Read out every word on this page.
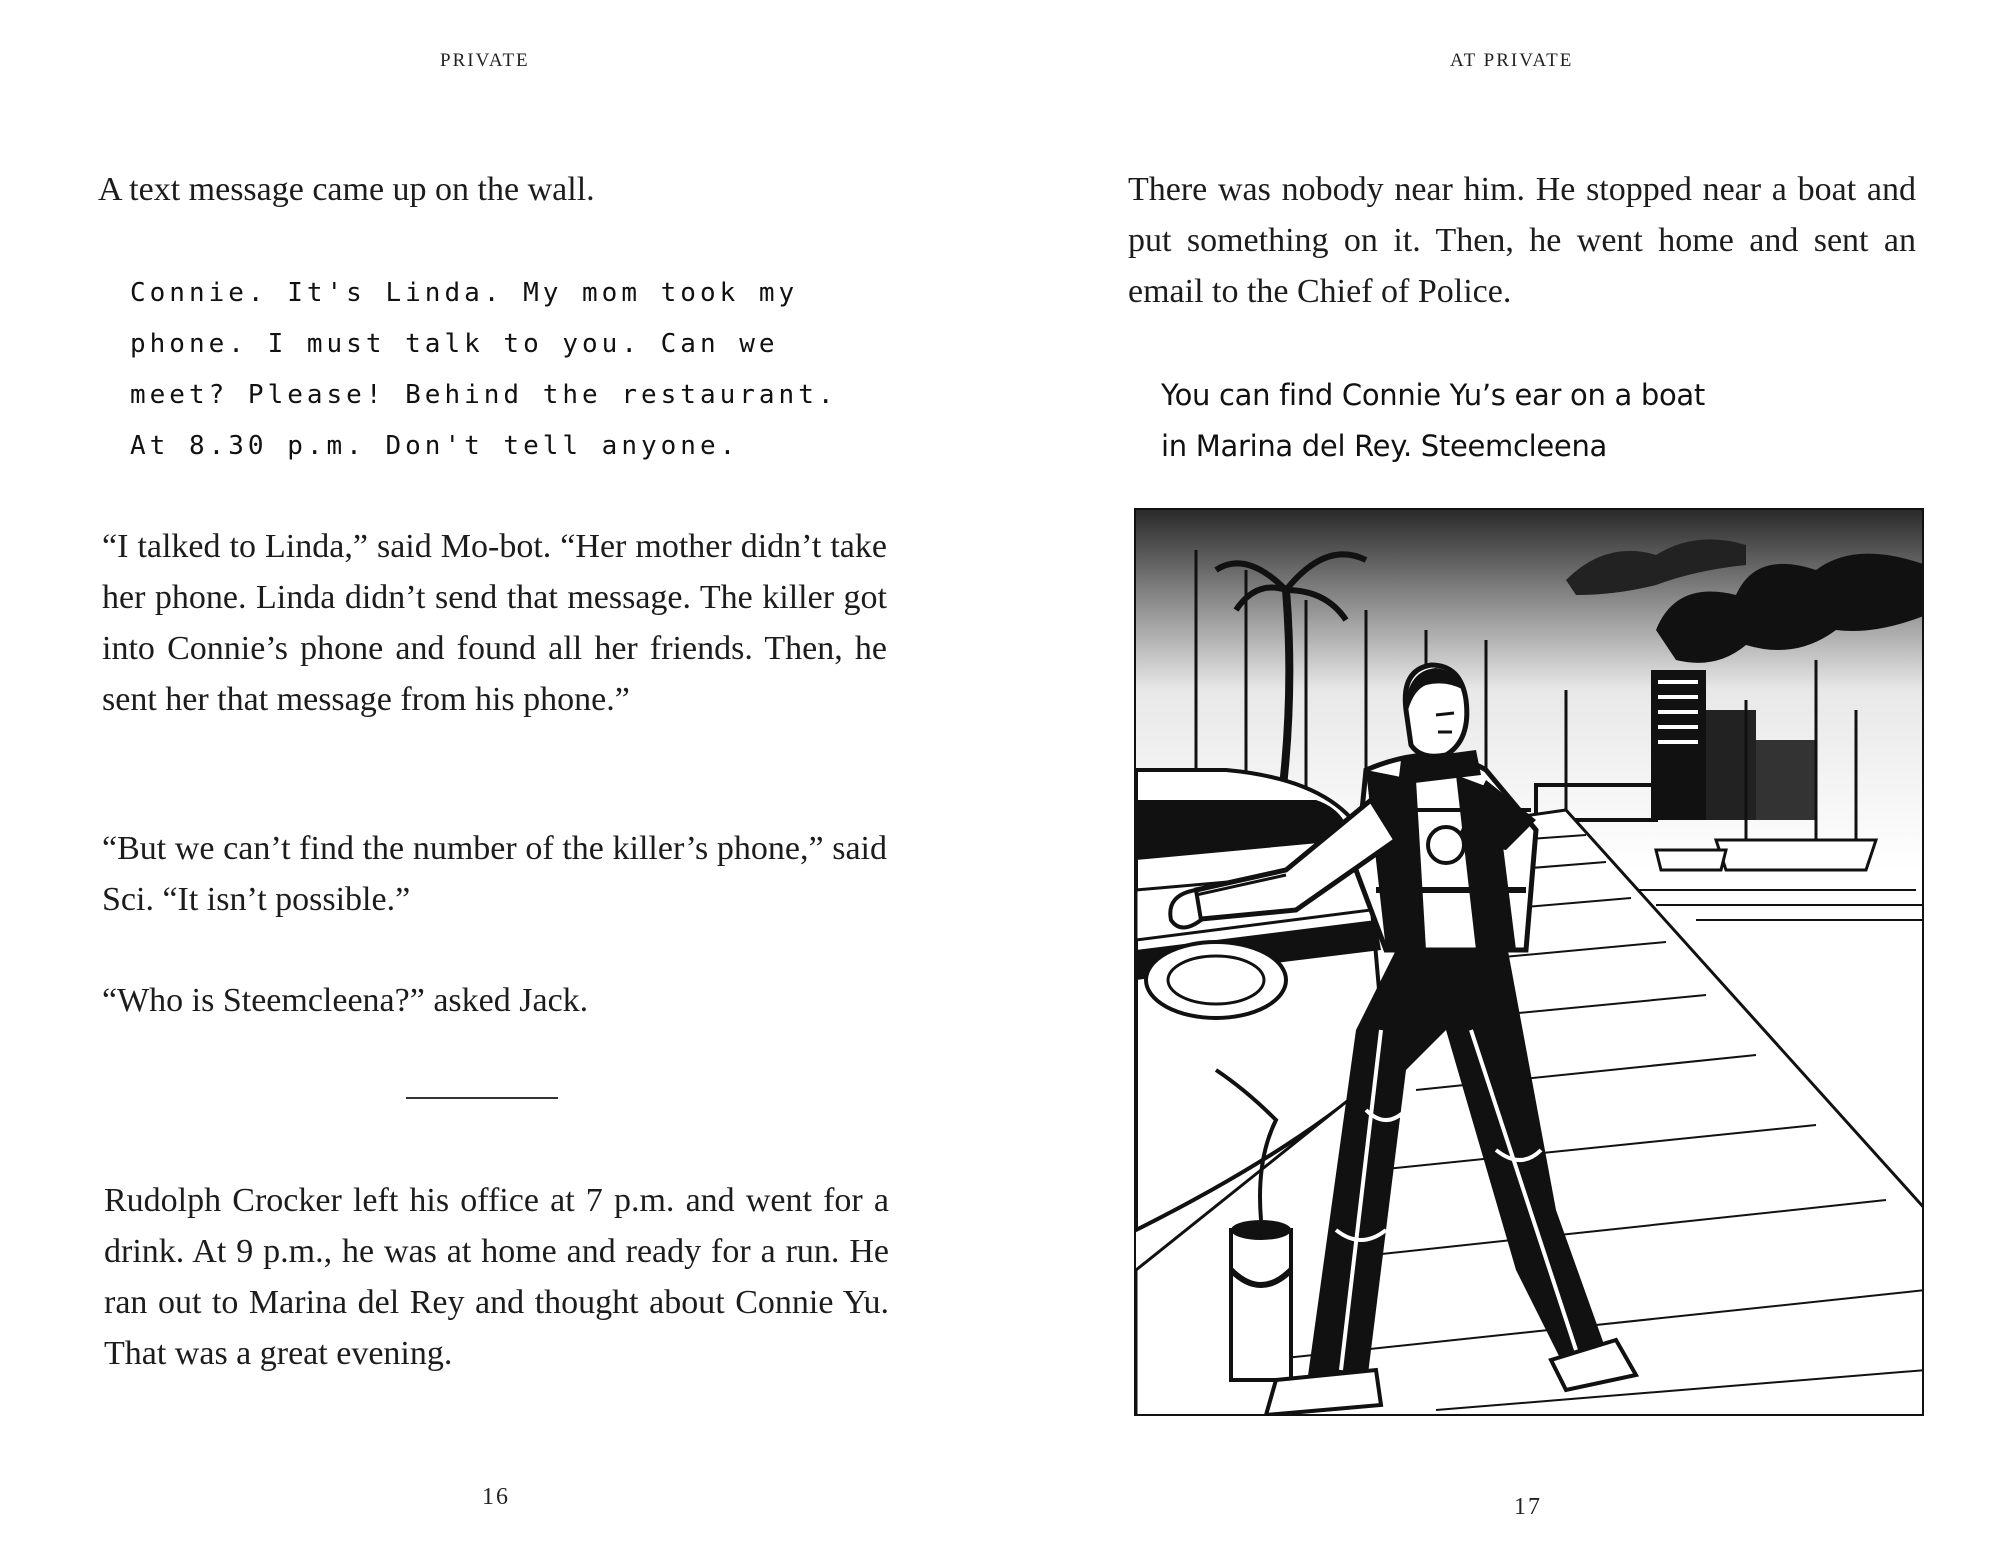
PRIVATE

A text message came up on the wall.

Connie. It's Linda. My mom took my
phone. I must talk to you. Can we
meet? Please! Behind the restaurant.
At 8.30 p.m. Don't tell anyone.

“I talked to Linda,” said Mo-bot. “Her mother didn’t take her phone. Linda didn’t send that message. The killer got into Connie’s phone and found all her friends. Then, he sent her that message from his phone.”

“But we can’t find the number of the killer’s phone,” said Sci. “It isn’t possible.”

“Who is Steemcleena?” asked Jack.

Rudolph Crocker left his office at 7 p.m. and went for a drink. At 9 p.m., he was at home and ready for a run. He ran out to Marina del Rey and thought about Connie Yu. That was a great evening.

16
AT PRIVATE

There was nobody near him. He stopped near a boat and put something on it. Then, he went home and sent an email to the Chief of Police.

You can find Connie Yu’s ear on a boat
in Marina del Rey. Steemcleena
17
